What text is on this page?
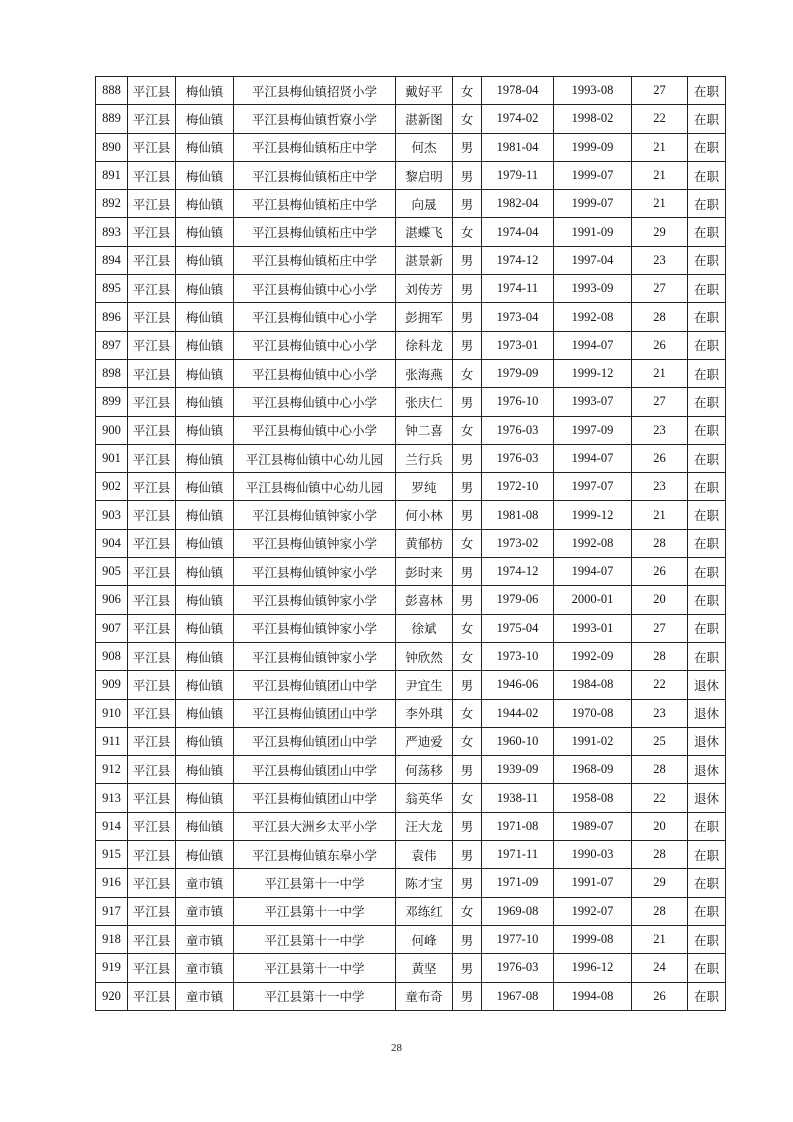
888	平江县	梅仙镇	平江县梅仙镇招贤小学	戴好平	女	1978-04	1993-08	27	在职
889	平江县	梅仙镇	平江县梅仙镇哲寮小学	湛新图	女	1974-02	1998-02	22	在职
890	平江县	梅仙镇	平江县梅仙镇柘庄中学	何杰	男	1981-04	1999-09	21	在职
891	平江县	梅仙镇	平江县梅仙镇柘庄中学	黎启明	男	1979-11	1999-07	21	在职
892	平江县	梅仙镇	平江县梅仙镇柘庄中学	向晟	男	1982-04	1999-07	21	在职
893	平江县	梅仙镇	平江县梅仙镇柘庄中学	湛蝶飞	女	1974-04	1991-09	29	在职
894	平江县	梅仙镇	平江县梅仙镇柘庄中学	湛景新	男	1974-12	1997-04	23	在职
895	平江县	梅仙镇	平江县梅仙镇中心小学	刘传芳	男	1974-11	1993-09	27	在职
896	平江县	梅仙镇	平江县梅仙镇中心小学	彭拥军	男	1973-04	1992-08	28	在职
897	平江县	梅仙镇	平江县梅仙镇中心小学	徐科龙	男	1973-01	1994-07	26	在职
898	平江县	梅仙镇	平江县梅仙镇中心小学	张海燕	女	1979-09	1999-12	21	在职
899	平江县	梅仙镇	平江县梅仙镇中心小学	张庆仁	男	1976-10	1993-07	27	在职
900	平江县	梅仙镇	平江县梅仙镇中心小学	钟二喜	女	1976-03	1997-09	23	在职
901	平江县	梅仙镇	平江县梅仙镇中心幼儿园	兰行兵	男	1976-03	1994-07	26	在职
902	平江县	梅仙镇	平江县梅仙镇中心幼儿园	罗纯	男	1972-10	1997-07	23	在职
903	平江县	梅仙镇	平江县梅仙镇钟家小学	何小林	男	1981-08	1999-12	21	在职
904	平江县	梅仙镇	平江县梅仙镇钟家小学	黄郁枋	女	1973-02	1992-08	28	在职
905	平江县	梅仙镇	平江县梅仙镇钟家小学	彭时来	男	1974-12	1994-07	26	在职
906	平江县	梅仙镇	平江县梅仙镇钟家小学	彭喜林	男	1979-06	2000-01	20	在职
907	平江县	梅仙镇	平江县梅仙镇钟家小学	徐斌	女	1975-04	1993-01	27	在职
908	平江县	梅仙镇	平江县梅仙镇钟家小学	钟欣然	女	1973-10	1992-09	28	在职
909	平江县	梅仙镇	平江县梅仙镇团山中学	尹宜生	男	1946-06	1984-08	22	退休
910	平江县	梅仙镇	平江县梅仙镇团山中学	李外琪	女	1944-02	1970-08	23	退休
911	平江县	梅仙镇	平江县梅仙镇团山中学	严迪爱	女	1960-10	1991-02	25	退休
912	平江县	梅仙镇	平江县梅仙镇团山中学	何荡移	男	1939-09	1968-09	28	退休
913	平江县	梅仙镇	平江县梅仙镇团山中学	翁英华	女	1938-11	1958-08	22	退休
914	平江县	梅仙镇	平江县大洲乡太平小学	汪大龙	男	1971-08	1989-07	20	在职
915	平江县	梅仙镇	平江县梅仙镇东皋小学	袁伟	男	1971-11	1990-03	28	在职
916	平江县	童市镇	平江县第十一中学	陈才宝	男	1971-09	1991-07	29	在职
917	平江县	童市镇	平江县第十一中学	邓练红	女	1969-08	1992-07	28	在职
918	平江县	童市镇	平江县第十一中学	何峰	男	1977-10	1999-08	21	在职
919	平江县	童市镇	平江县第十一中学	黄坚	男	1976-03	1996-12	24	在职
920	平江县	童市镇	平江县第十一中学	童布奇	男	1967-08	1994-08	26	在职
28
